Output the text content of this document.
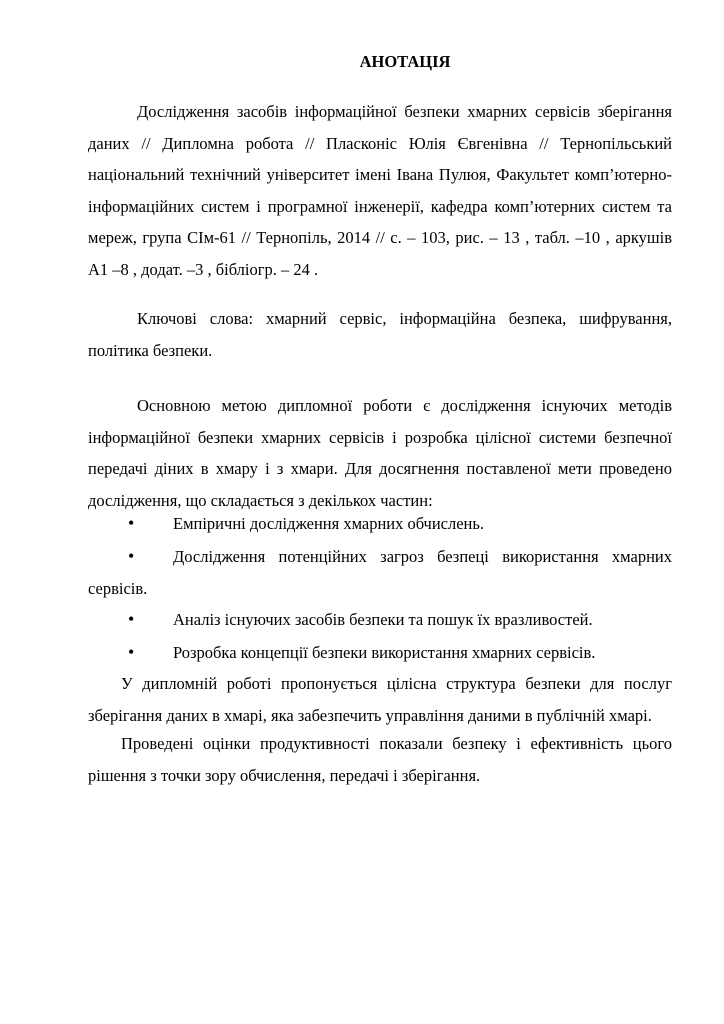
АНОТАЦІЯ

Дослідження засобів інформаційної безпеки хмарних сервісів зберігання даних // Дипломна робота // Пласконіс Юлія Євгенівна // Тернопільський національний технічний університет імені Івана Пулюя, Факультет комп’ютерно-інформаційних систем і програмної інженерії, кафедра комп’ютерних систем та мереж, група СІм-61 // Тернопіль, 2014 // с. – 103, рис. – 13 , табл. –10 , аркушів А1 –8 , додат. –3 , бібліогр. – 24 .

Ключові слова: хмарний сервіс, інформаційна безпека, шифрування, політика безпеки.

Основною метою дипломної роботи є дослідження існуючих методів інформаційної безпеки хмарних сервісів і розробка цілісної системи безпечної передачі діних в хмару і з хмари. Для досягнення поставленої мети проведено дослідження, що складається з декількох частин:

• Емпіричні дослідження хмарних обчислень.
• Дослідження потенційних загроз безпеці використання хмарних сервісів.
• Аналіз існуючих засобів безпеки та пошук їх вразливостей.
• Розробка концепції безпеки використання хмарних сервісів.

У дипломній роботі пропонується цілісна структура безпеки для послуг зберігання даних в хмарі, яка забезпечить управління даними в публічній хмарі.

Проведені оцінки продуктивності показали безпеку і ефективність цього рішення з точки зору обчислення, передачі і зберігання.
